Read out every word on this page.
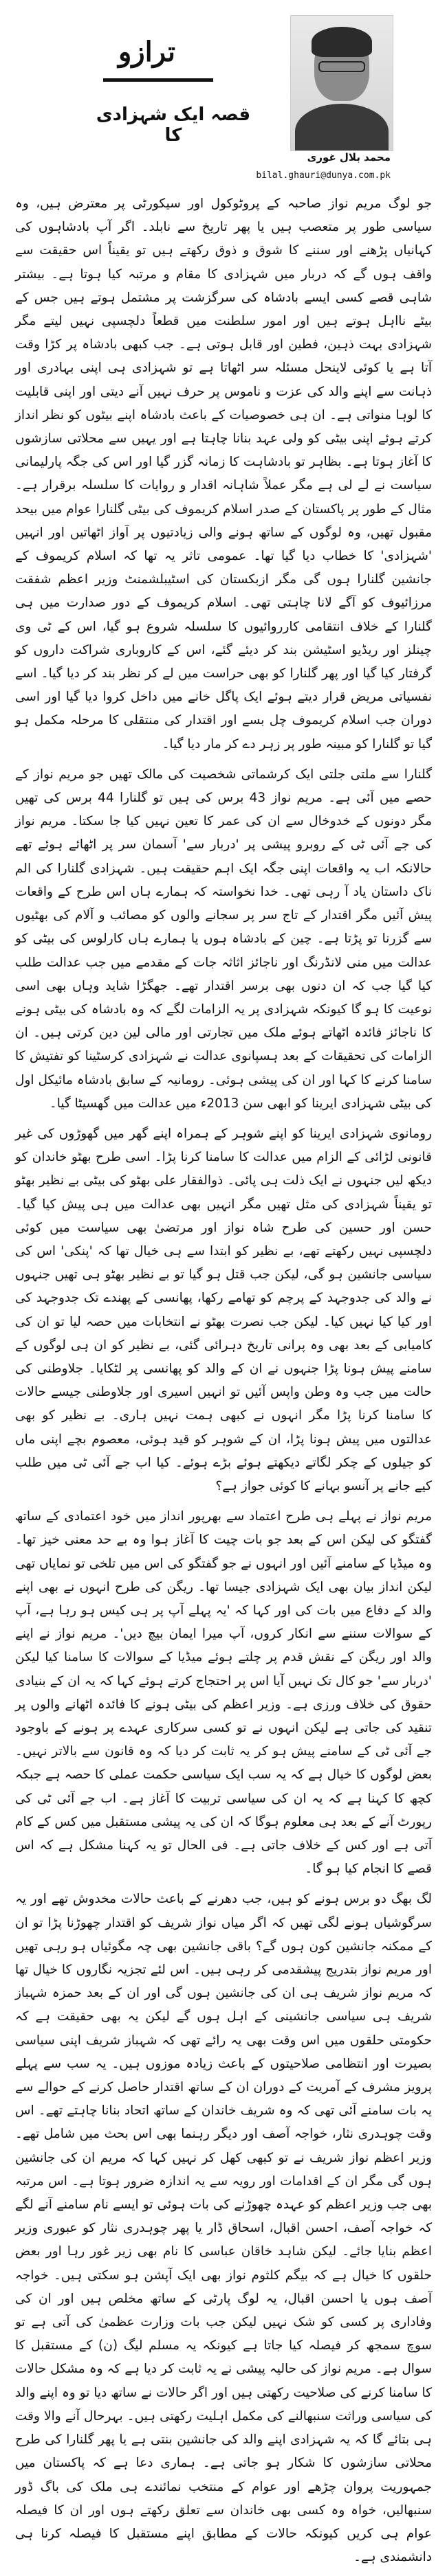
ترازو
قصہ ایک شہزادی کا
محمد بلال غوری
bilal.ghauri@dunya.com.pk

جو لوگ مریم نواز صاحبہ کے پروٹوکول اور سیکورٹی پر معترض ہیں، وہ سیاسی طور پر متعصب ہیں یا پھر تاریخ سے نابلد۔ اگر آپ بادشاہوں کی کہانیاں پڑھنے اور سننے کا شوق و ذوق رکھتے ہیں تو یقیناً اس حقیقت سے واقف ہوں گے کہ دربار میں شہزادی کا مقام و مرتبہ کیا ہوتا ہے۔ بیشتر شاہی قصے کسی ایسے بادشاہ کی سرگزشت پر مشتمل ہوتے ہیں جس کے بیٹے نااہل ہوتے ہیں اور امور سلطنت میں قطعاً دلچسپی نہیں لیتے مگر شہزادی بہت ذہین، فطین اور قابل ہوتی ہے۔ جب کبھی بادشاہ پر کڑا وقت آتا ہے یا کوئی لاینحل مسئلہ سر اٹھاتا ہے تو شہزادی ہی اپنی بہادری اور ذہانت سے اپنے والد کی عزت و ناموس پر حرف نہیں آنے دیتی اور اپنی قابلیت کا لوہا منواتی ہے۔ ان ہی خصوصیات کے باعث بادشاہ اپنے بیٹوں کو نظر انداز کرتے ہوئے اپنی بیٹی کو ولی عہد بنانا چاہتا ہے اور یہیں سے محلاتی سازشوں کا آغاز ہوتا ہے۔ بظاہر تو بادشاہت کا زمانہ گزر گیا اور اس کی جگہ پارلیمانی سیاست نے لے لی ہے مگر عملاً شاہانہ اقدار و روایات کا سلسلہ برقرار ہے۔ مثال کے طور پر پاکستان کے صدر اسلام کریموف کی بیٹی گلنارا عوام میں بیحد مقبول تھیں، وہ لوگوں کے ساتھ ہونے والی زیادتیوں پر آواز اٹھاتیں اور انہیں 'شہزادی' کا خطاب دیا گیا تھا۔ عمومی تاثر یہ تھا کہ اسلام کریموف کے جانشین گلنارا ہوں گی مگر ازبکستان کی اسٹیبلشمنٹ وزیر اعظم شفقت مرزائیوف کو آگے لانا چاہتی تھی۔ اسلام کریموف کے دور صدارت میں ہی گلنارا کے خلاف انتقامی کارروائیوں کا سلسلہ شروع ہو گیا، اس کے ٹی وی چینلز اور ریڈیو اسٹیشن بند کر دیئے گئے، اس کے کاروباری شراکت داروں کو گرفتار کیا گیا اور پھر گلنارا کو بھی حراست میں لے کر نظر بند کر دیا گیا۔ اسے نفسیاتی مریض قرار دیتے ہوئے ایک پاگل خانے میں داخل کروا دیا گیا اور اسی دوران جب اسلام کریموف چل بسے اور اقتدار کی منتقلی کا مرحلہ مکمل ہو گیا تو گلنارا کو مبینہ طور پر زہر دے کر مار دیا گیا۔

گلنارا سے ملتی جلتی ایک کرشماتی شخصیت کی مالک تھیں جو مریم نواز کے حصے میں آئی ہے۔ مریم نواز 43 برس کی ہیں تو گلنارا 44 برس کی تھیں مگر دونوں کے خدوخال سے ان کی عمر کا تعین نہیں کیا جا سکتا۔ مریم نواز کی جے آئی ٹی کے روبرو پیشی پر 'دربار سے' آسمان سر پر اٹھائے ہوئے تھے حالانکہ اب یہ واقعات اپنی جگہ ایک اہم حقیقت ہیں۔ شہزادی گلنارا کی الم ناک داستان یاد آ رہی تھی۔ خدا نخواستہ کہ ہمارے ہاں اس طرح کے واقعات پیش آئیں مگر اقتدار کے تاج سر پر سجانے والوں کو مصائب و آلام کی بھٹیوں سے گزرنا تو پڑتا ہے۔ چین کے بادشاہ ہوں یا ہمارے ہاں کارلوس کی بیٹی کو عدالت میں منی لانڈرنگ اور ناجائز اثاثہ جات کے مقدمے میں جب عدالت طلب کیا گیا جب کہ ان دنوں بھی برسر اقتدار تھے۔ جھگڑا شاید وہاں بھی اسی نوعیت کا ہو گا کیونکہ شہزادی پر یہ الزامات لگے کہ وہ بادشاہ کی بیٹی ہونے کا ناجائز فائدہ اٹھاتے ہوئے ملک میں تجارتی اور مالی لین دین کرتی ہیں۔ ان الزامات کی تحقیقات کے بعد ہسپانوی عدالت نے شہزادی کرسٹینا کو تفتیش کا سامنا کرنے کا کہا اور ان کی پیشی ہوئی۔ رومانیہ کے سابق بادشاہ مائیکل اول کی بیٹی شہزادی ایرینا کو ابھی سن 2013ء میں عدالت میں گھسیٹا گیا۔

رومانوی شہزادی ایرینا کو اپنے شوہر کے ہمراہ اپنے گھر میں گھوڑوں کی غیر قانونی لڑائی کے الزام میں عدالت کا سامنا کرنا پڑا۔ اسی طرح بھٹو خاندان کو دیکھ لیں جنہوں نے ایک ذلت ہی پائی۔ ذوالفقار علی بھٹو کی بیٹی بے نظیر بھٹو تو یقیناً شہزادی کی مثل تھیں مگر انہیں بھی عدالت میں ہی پیش کیا گیا۔ حسن اور حسین کی طرح شاہ نواز اور مرتضیٰ بھی سیاست میں کوئی دلچسپی نہیں رکھتے تھے، بے نظیر کو ابتدا سے ہی خیال تھا کہ 'پنکی' اس کی سیاسی جانشین ہو گی، لیکن جب قتل ہو گیا تو بے نظیر بھٹو ہی تھیں جنہوں نے والد کی جدوجہد کے پرچم کو تھامے رکھا، پھانسی کے پھندے تک جدوجہد کی اور کیا کیا نہیں کیا۔ لیکن جب نصرت بھٹو نے انتخابات میں حصہ لیا تو ان کی کامیابی کے بعد بھی وہ پرانی تاریخ دہرائی گئی، بے نظیر کو ان ہی لوگوں کے سامنے پیش ہونا پڑا جنہوں نے ان کے والد کو پھانسی پر لٹکایا۔ جلاوطنی کی حالت میں جب وہ وطن واپس آئیں تو انہیں اسیری اور جلاوطنی جیسے حالات کا سامنا کرنا پڑا مگر انہوں نے کبھی ہمت نہیں ہاری۔ بے نظیر کو بھی عدالتوں میں پیش ہونا پڑا، ان کے شوہر کو قید ہوئی، معصوم بچے اپنی ماں کو جیلوں کے چکر لگاتے دیکھتے ہوئے بڑے ہوئے۔ کیا اب جے آئی ٹی میں طلب کیے جانے پر آنسو بہانے کا کوئی جواز ہے؟

مریم نواز نے پہلے ہی طرح اعتماد سے بھرپور انداز میں خود اعتمادی کے ساتھ گفتگو کی لیکن اس کے بعد جو بات چیت کا آغاز ہوا وہ بے حد معنی خیز تھا۔ وہ میڈیا کے سامنے آئیں اور انہوں نے جو گفتگو کی اس میں تلخی تو نمایاں تھی لیکن انداز بیان بھی ایک شہزادی جیسا تھا۔ ریگن کی طرح انہوں نے بھی اپنے والد کے دفاع میں بات کی اور کہا کہ 'یہ پہلے آپ پر ہی کیس ہو رہا ہے، آپ کے سوالات سننے سے انکار کروں، آپ میرا ایمان بیچ دیں'۔ مریم نواز نے اپنے والد اور ریگن کے نقش قدم پر چلتے ہوئے میڈیا کے سوالات کا سامنا کیا لیکن 'دربار سے' جو کال تک نہیں آیا اس پر احتجاج کرتے ہوئے کہا کہ یہ ان کے بنیادی حقوق کی خلاف ورزی ہے۔ وزیر اعظم کی بیٹی ہونے کا فائدہ اٹھانے والوں پر تنقید کی جاتی ہے لیکن انہوں نے تو کسی سرکاری عہدے پر ہونے کے باوجود جے آئی ٹی کے سامنے پیش ہو کر یہ ثابت کر دیا کہ وہ قانون سے بالاتر نہیں۔ بعض لوگوں کا خیال ہے کہ یہ سب ایک سیاسی حکمت عملی کا حصہ ہے جبکہ کچھ کا کہنا ہے کہ یہ ان کی سیاسی تربیت کا آغاز ہے۔ اب جے آئی ٹی کی رپورٹ آنے کے بعد ہی معلوم ہوگا کہ ان کی یہ پیشی مستقبل میں کس کے کام آتی ہے اور کس کے خلاف جاتی ہے۔ فی الحال تو یہ کہنا مشکل ہے کہ اس قصے کا انجام کیا ہو گا۔

لگ بھگ دو برس ہونے کو ہیں، جب دھرنے کے باعث حالات مخدوش تھے اور یہ سرگوشیاں ہونے لگی تھیں کہ اگر میاں نواز شریف کو اقتدار چھوڑنا پڑا تو ان کے ممکنہ جانشین کون ہوں گے؟ باقی جانشین بھی چہ مگوئیاں ہو رہی تھیں اور مریم نواز بتدریج پیشقدمی کر رہی ہیں۔ اس لئے تجزیہ نگاروں کا خیال تھا کہ مریم نواز شریف ہی ان کی جانشین ہوں گی اور ان کے بعد حمزہ شہباز شریف ہی سیاسی جانشینی کے اہل ہوں گے لیکن یہ بھی حقیقت ہے کہ حکومتی حلقوں میں اس وقت بھی یہ رائے تھی کہ شہباز شریف اپنی سیاسی بصیرت اور انتظامی صلاحیتوں کے باعث زیادہ موزوں ہیں۔ یہ سب سے پہلے پرویز مشرف کے آمریت کے دوران ان کے ساتھ اقتدار حاصل کرنے کے حوالے سے یہ بات سامنے آئی تھی کہ وہ شریف خاندان کے ساتھ اتحاد بنانا چاہتے تھے۔ اس وقت چوہدری نثار، خواجہ آصف اور دیگر رہنما بھی اس بحث میں شامل تھے۔ وزیر اعظم نواز شریف نے تو کبھی کھل کر نہیں کہا کہ مریم ان کی جانشین ہوں گی مگر ان کے اقدامات اور رویہ سے یہ اندازہ ضرور ہوتا ہے۔ اس مرتبہ بھی جب وزیر اعظم کو عہدہ چھوڑنے کی بات ہوئی تو ایسے نام سامنے آنے لگے کہ خواجہ آصف، احسن اقبال، اسحاق ڈار یا پھر چوہدری نثار کو عبوری وزیر اعظم بنایا جائے۔ لیکن شاہد خاقان عباسی کا نام بھی زیر غور رہا اور بعض حلقوں کا خیال ہے کہ بیگم کلثوم نواز بھی ایک آپشن ہو سکتی ہیں۔ خواجہ آصف ہوں یا احسن اقبال، یہ لوگ پارٹی کے ساتھ مخلص ہیں اور ان کی وفاداری پر کسی کو شک نہیں لیکن جب بات وزارت عظمیٰ کی آتی ہے تو سوچ سمجھ کر فیصلہ کیا جاتا ہے کیونکہ یہ مسلم لیگ (ن) کے مستقبل کا سوال ہے۔ مریم نواز کی حالیہ پیشی نے یہ ثابت کر دیا ہے کہ وہ مشکل حالات کا سامنا کرنے کی صلاحیت رکھتی ہیں اور اگر حالات نے ساتھ دیا تو وہ اپنے والد کی سیاسی وراثت سنبھالنے کی مکمل اہلیت رکھتی ہیں۔ بہرحال آنے والا وقت ہی بتائے گا کہ یہ شہزادی اپنے والد کی جانشین بنتی ہے یا پھر گلنارا کی طرح محلاتی سازشوں کا شکار ہو جاتی ہے۔ ہماری دعا ہے کہ پاکستان میں جمہوریت پروان چڑھے اور عوام کے منتخب نمائندے ہی ملک کی باگ ڈور سنبھالیں، خواہ وہ کسی بھی خاندان سے تعلق رکھتے ہوں اور ان کا فیصلہ عوام ہی کریں کیونکہ حالات کے مطابق اپنے مستقبل کا فیصلہ کرنا ہی دانشمندی ہے۔
